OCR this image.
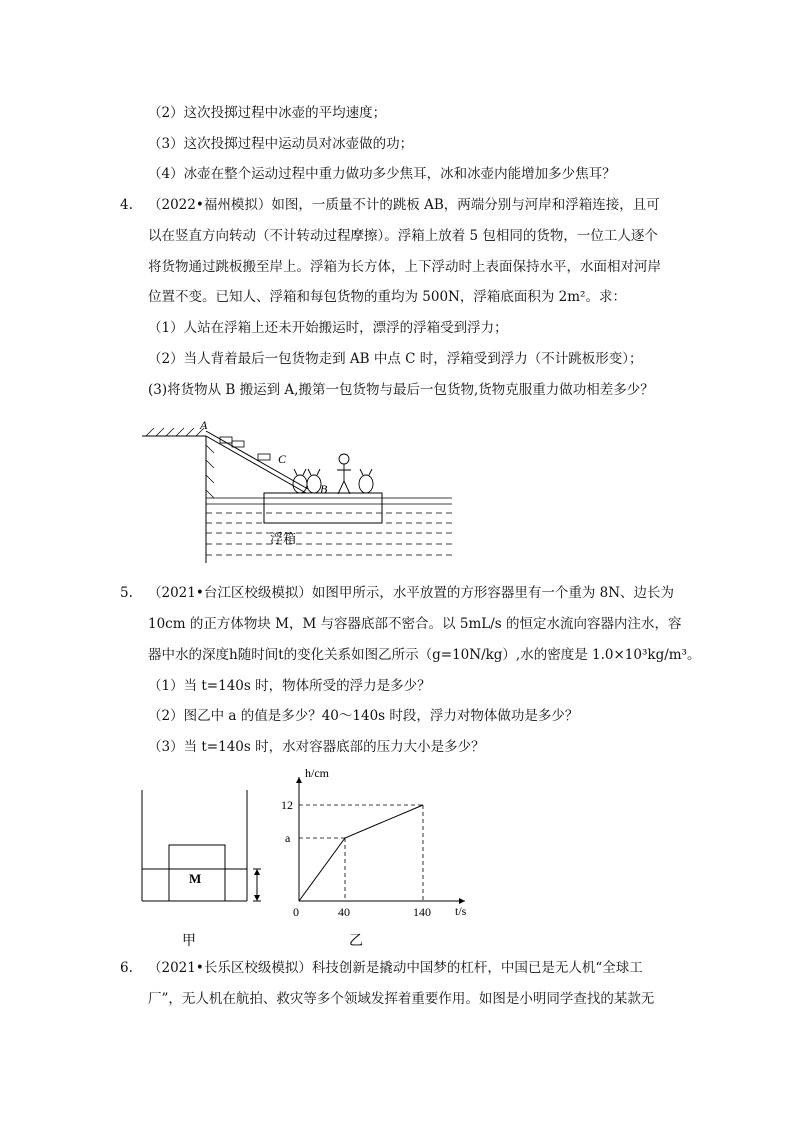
（2）这次投掷过程中冰壶的平均速度；
（3）这次投掷过程中运动员对冰壶做的功；
（4）冰壶在整个运动过程中重力做功多少焦耳，冰和冰壶内能增加多少焦耳？
4. （2022•福州模拟）如图，一质量不计的跳板 AB，两端分别与河岸和浮箱连接，且可
以在竖直方向转动（不计转动过程摩擦）。浮箱上放着 5 包相同的货物，一位工人逐个
将货物通过跳板搬至岸上。浮箱为长方体，上下浮动时上表面保持水平，水面相对河岸
位置不变。已知人、浮箱和每包货物的重均为 500N，浮箱底面积为 2m²。求：
（1）人站在浮箱上还未开始搬运时，漂浮的浮箱受到浮力；
（2）当人背着最后一包货物走到 AB 中点 C 时，浮箱受到浮力（不计跳板形变）；
(3)将货物从 B 搬运到 A,搬第一包货物与最后一包货物,货物克服重力做功相差多少？
A
C
B
浮箱
5. （2021•台江区校级模拟）如图甲所示，水平放置的方形容器里有一个重为 8N、边长为
10cm 的正方体物块 M，M 与容器底部不密合。以 5mL/s 的恒定水流向容器内注水，容
器中水的深度h随时间t的变化关系如图乙所示（g=10N/kg）,水的密度是 1.0×10³kg/m³。
（1）当 t=140s 时，物体所受的浮力是多少？
（2）图乙中 a 的值是多少？40～140s 时段，浮力对物体做功是多少？
（3）当 t=140s 时，水对容器底部的压力大小是多少？
M
甲
h/cm
t/s
0	40	140
a
12
乙
6. （2021•长乐区校级模拟）科技创新是撬动中国梦的杠杆，中国已是无人机“全球工
厂”，无人机在航拍、救灾等多个领域发挥着重要作用。如图是小明同学查找的某款无
